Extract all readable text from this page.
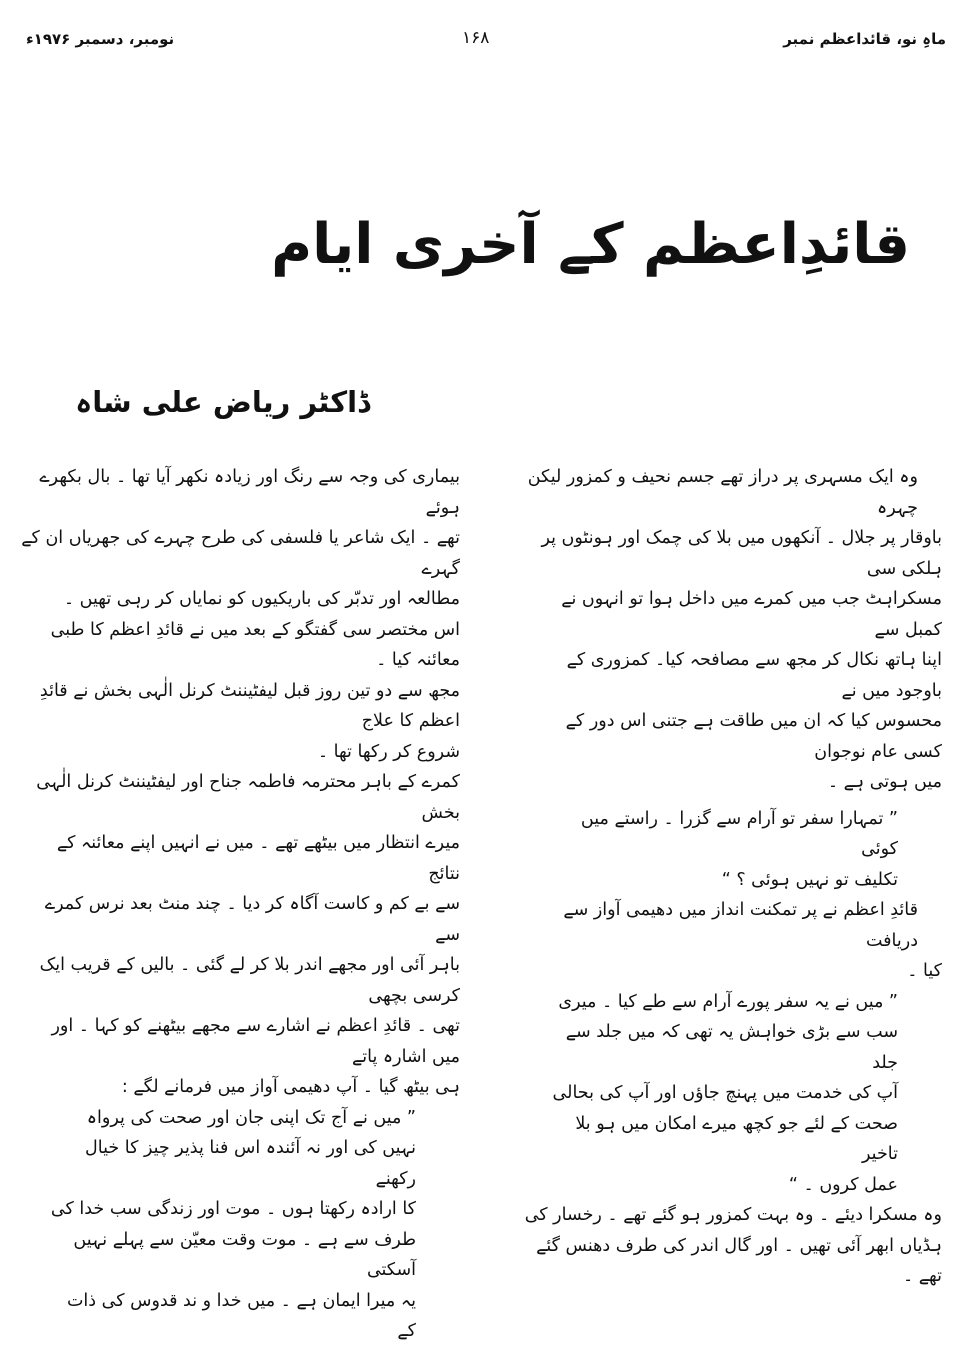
ماہِ نو، قائداعظم نمبر
۱۶۸
نومبر، دسمبر ۱۹۷۶ء
قائدِاعظم کے آخری ایام
ڈاکٹر ریاض علی شاہ

وہ ایک مسہری پر دراز تھے جسم نحیف و کمزور لیکن چہرہ

باوقار پر جلال ۔ آنکھوں میں بلا کی چمک اور ہونٹوں پر ہلکی سی

مسکراہٹ جب میں کمرے میں داخل ہوا تو انہوں نے کمبل سے

اپنا ہاتھ نکال کر مجھ سے مصافحہ کیا۔ کمزوری کے باوجود میں نے

محسوس کیا کہ ان میں طاقت ہے جتنی اس دور کے کسی عام نوجوان

میں ہوتی ہے ۔

” تمہارا سفر تو آرام سے گزرا ۔ راستے میں کوئی

تکلیف تو نہیں ہوئی ؟ “

قائدِ اعظم نے پر تمکنت انداز میں دھیمی آواز سے دریافت

کیا ۔

” میں نے یہ سفر پورے آرام سے طے کیا ۔ میری

سب سے بڑی خواہش یہ تھی کہ میں جلد سے جلد

آپ کی خدمت میں پہنچ جاؤں اور آپ کی بحالی

صحت کے لئے جو کچھ میرے امکان میں ہو بلا تاخیر

عمل کروں ۔ “

وہ مسکرا دیئے ۔ وہ بہت کمزور ہو گئے تھے ۔ رخسار کی

ہڈیاں ابھر آئی تھیں ۔ اور گال اندر کی طرف دھنس گئے تھے ۔

بیماری کی وجہ سے رنگ اور زیادہ نکھر آیا تھا ۔ بال بکھرے ہوئے

تھے ۔ ایک شاعر یا فلسفی کی طرح چہرے کی جھریاں ان کے گہرے

مطالعہ اور تدبّر کی باریکیوں کو نمایاں کر رہی تھیں ۔

اس مختصر سی گفتگو کے بعد میں نے قائدِ اعظم کا طبی معائنہ کیا ۔

مجھ سے دو تین روز قبل لیفٹیننٹ کرنل الٰہی بخش نے قائدِ اعظم کا علاج

شروع کر رکھا تھا ۔

کمرے کے باہر محترمہ فاطمہ جناح اور لیفٹیننٹ کرنل الٰہی بخش

میرے انتظار میں بیٹھے تھے ۔ میں نے انہیں اپنے معائنہ کے نتائج

سے بے کم و کاست آگاہ کر دیا ۔ چند منٹ بعد نرس کمرے سے

باہر آئی اور مجھے اندر بلا کر لے گئی ۔ بالیں کے قریب ایک کرسی بچھی

تھی ۔ قائدِ اعظم نے اشارے سے مجھے بیٹھنے کو کہا ۔ اور میں اشارہ پاتے

ہی بیٹھ گیا ۔ آپ دھیمی آواز میں فرمانے لگے :

” میں نے آج تک اپنی جان اور صحت کی پرواہ

نہیں کی اور نہ آئندہ اس فنا پذیر چیز کا خیال رکھنے

کا ارادہ رکھتا ہوں ۔ موت اور زندگی سب خدا کی

طرف سے ہے ۔ موت وقت معیّن سے پہلے نہیں آسکتی

یہ میرا ایمان ہے ۔ میں خدا و ند قدوس کی ذات کے
